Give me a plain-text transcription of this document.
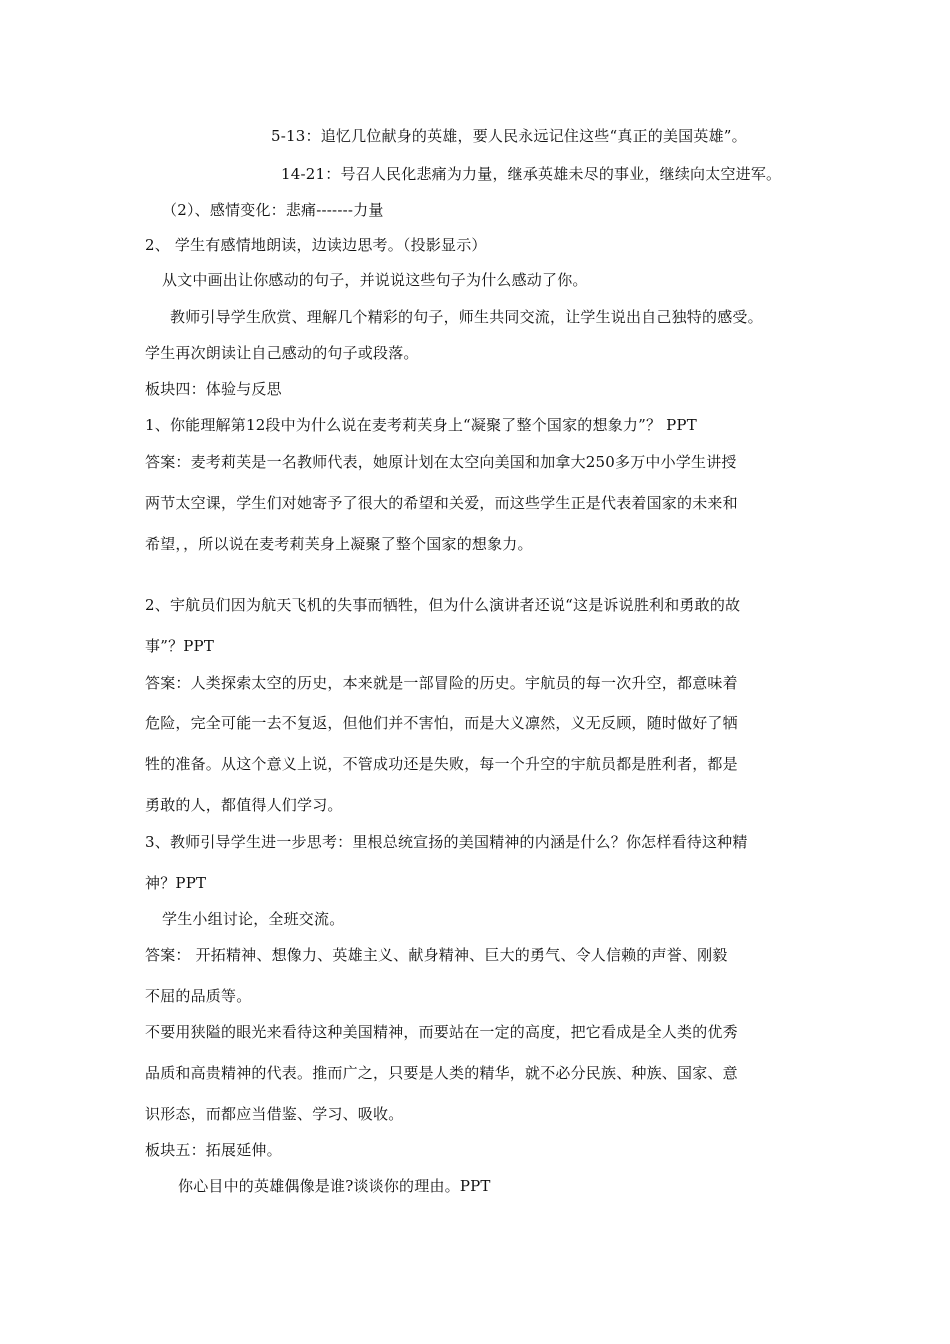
5-13：追忆几位献身的英雄，要人民永远记住这些“真正的美国英雄”。
14-21：号召人民化悲痛为力量，继承英雄未尽的事业，继续向太空进军。
（2）、感情变化：悲痛-------力量
2、 学生有感情地朗读，边读边思考。（投影显示）
从文中画出让你感动的句子，并说说这些句子为什么感动了你。
教师引导学生欣赏、理解几个精彩的句子，师生共同交流，让学生说出自己独特的感受。
学生再次朗读让自己感动的句子或段落。
板块四：体验与反思
1、你能理解第12段中为什么说在麦考莉芙身上“凝聚了整个国家的想象力”？ PPT
答案：麦考莉芙是一名教师代表，她原计划在太空向美国和加拿大250多万中小学生讲授
两节太空课，学生们对她寄予了很大的希望和关爱，而这些学生正是代表着国家的未来和
希望，，所以说在麦考莉芙身上凝聚了整个国家的想象力。
2、宇航员们因为航天飞机的失事而牺牲，但为什么演讲者还说“这是诉说胜利和勇敢的故
事”？PPT
答案：人类探索太空的历史，本来就是一部冒险的历史。宇航员的每一次升空，都意味着
危险，完全可能一去不复返，但他们并不害怕，而是大义凛然，义无反顾，随时做好了牺
牲的准备。从这个意义上说，不管成功还是失败，每一个升空的宇航员都是胜利者，都是
勇敢的人，都值得人们学习。
3、教师引导学生进一步思考：里根总统宣扬的美国精神的内涵是什么？你怎样看待这种精
神？PPT
学生小组讨论，全班交流。
答案： 开拓精神、想像力、英雄主义、献身精神、巨大的勇气、令人信赖的声誉、刚毅
不屈的品质等。
不要用狭隘的眼光来看待这种美国精神，而要站在一定的高度，把它看成是全人类的优秀
品质和高贵精神的代表。推而广之，只要是人类的精华，就不必分民族、种族、国家、意
识形态，而都应当借鉴、学习、吸收。
板块五：拓展延伸。
你心目中的英雄偶像是谁?谈谈你的理由。PPT
